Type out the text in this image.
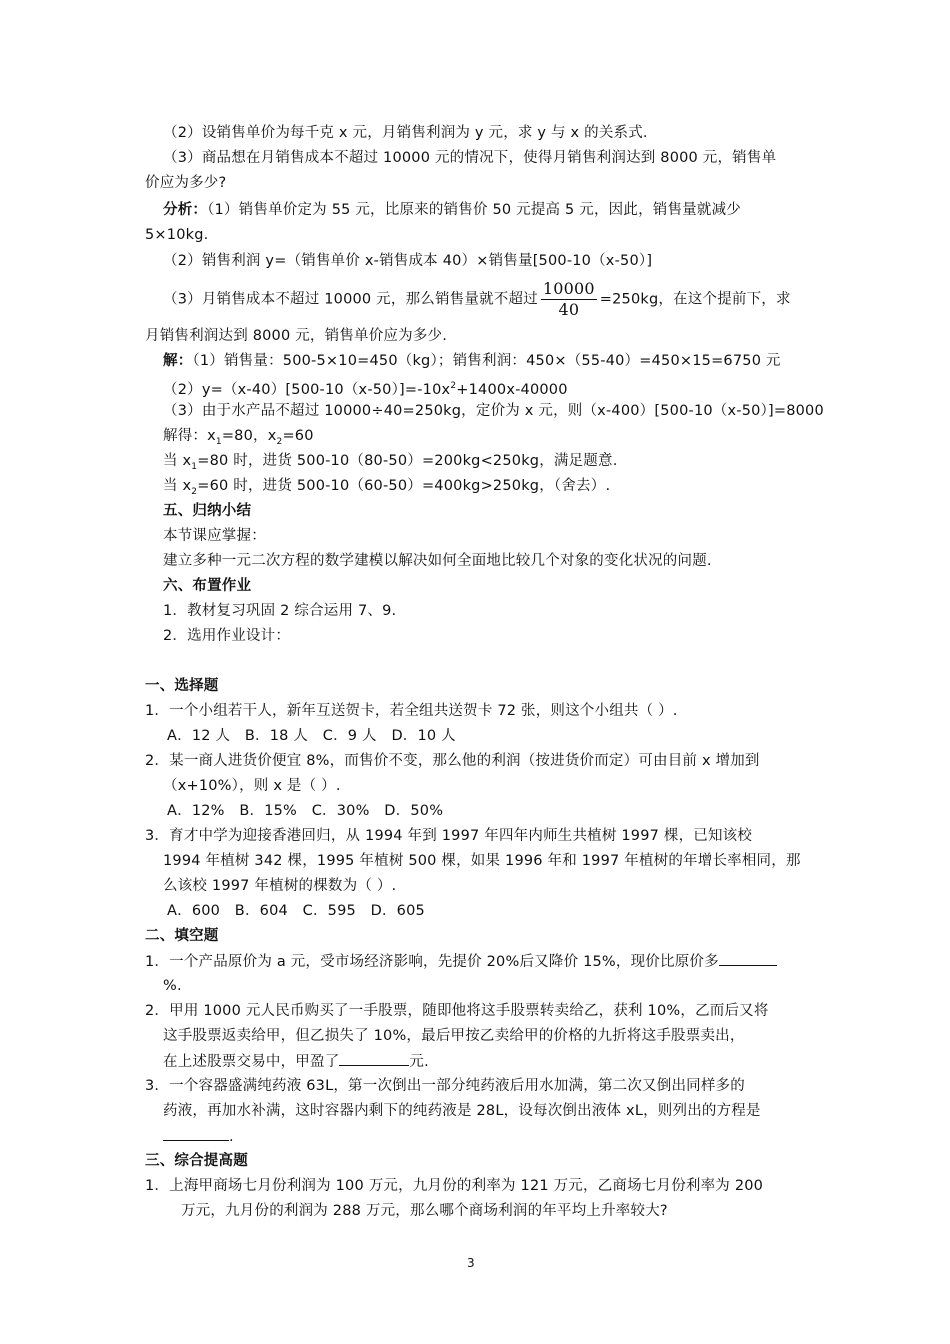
（2）设销售单价为每千克 x 元，月销售利润为 y 元，求 y 与 x 的关系式.
（3）商品想在月销售成本不超过 10000 元的情况下，使得月销售利润达到 8000 元，销售单
价应为多少?
分析：（1）销售单价定为 55 元，比原来的销售价 50 元提高 5 元，因此，销售量就减少
5×10kg.
（2）销售利润 y=（销售单价 x-销售成本 40）×销售量[500-10（x-50）]
（3）月销售成本不超过 10000 元，那么销售量就不超过 $\frac{10000}{40} =250kg$，在这个提前下，求
月销售利润达到 8000 元，销售单价应为多少.
解：（1）销售量：500-5×10=450（kg）；销售利润：450×（55-40）=450×15=6750 元
$(2)y=(x-40)[500-10(x-50)]=-10x^2+1400x-40000$
（3）由于水产品不超过 10000÷40=250kg，定价为 x 元，则（x-400）[500-10（x-50）]=8000
解得：$x_1=80$，$x_2=60$
当 $x_1=80$ 时，进货 500-10（80-50）=200kg<250kg，满足题意.
当 $x_2=60$ 时，进货 500-10（60-50）=400kg>250kg，（舍去）.
五、归纳小结
本节课应掌握：
建立多种一元二次方程的数学建模以解决如何全面地比较几个对象的变化状况的问题.
六、布置作业
1．教材复习巩固 2 综合运用 7、9.
2．选用作业设计：
一、选择题
1．一个小组若干人，新年互送贺卡，若全组共送贺卡 72 张，则这个小组共（ ）.
A．12 人　B．18 人　C．9 人　D．10 人
2．某一商人进货价便宜 8%，而售价不变，那么他的利润（按进货价而定）可由目前 x 增加到
（x+10%），则 x 是（ ）.
A．12%　B．15%　C．30%　D．50%
3．育才中学为迎接香港回归，从 1994 年到 1997 年四年内师生共植树 1997 棵，已知该校
1994 年植树 342 棵，1995 年植树 500 棵，如果 1996 年和 1997 年植树的年增长率相同，那
么该校 1997 年植树的棵数为（ ）.
A．600　B．604　C．595　D．605
二、填空题
1．一个产品原价为 a 元，受市场经济影响，先提价 20%后又降价 15%，现价比原价多
%.
2．甲用 1000 元人民币购买了一手股票，随即他将这手股票转卖给乙，获利 10%，乙而后又将
这手股票返卖给甲，但乙损失了 10%，最后甲按乙卖给甲的价格的九折将这手股票卖出，
在上述股票交易中，甲盈了	元.
3．一个容器盛满纯药液 63L，第一次倒出一部分纯药液后用水加满，第二次又倒出同样多的
药液，再加水补满，这时容器内剩下的纯药液是 28L，设每次倒出液体 xL，则列出的方程是
.
三、综合提高题
1．上海甲商场七月份利润为 100 万元，九月份的利率为 121 万元，乙商场七月份利率为 200
万元，九月份的利润为 288 万元，那么哪个商场利润的年平均上升率较大?
3
